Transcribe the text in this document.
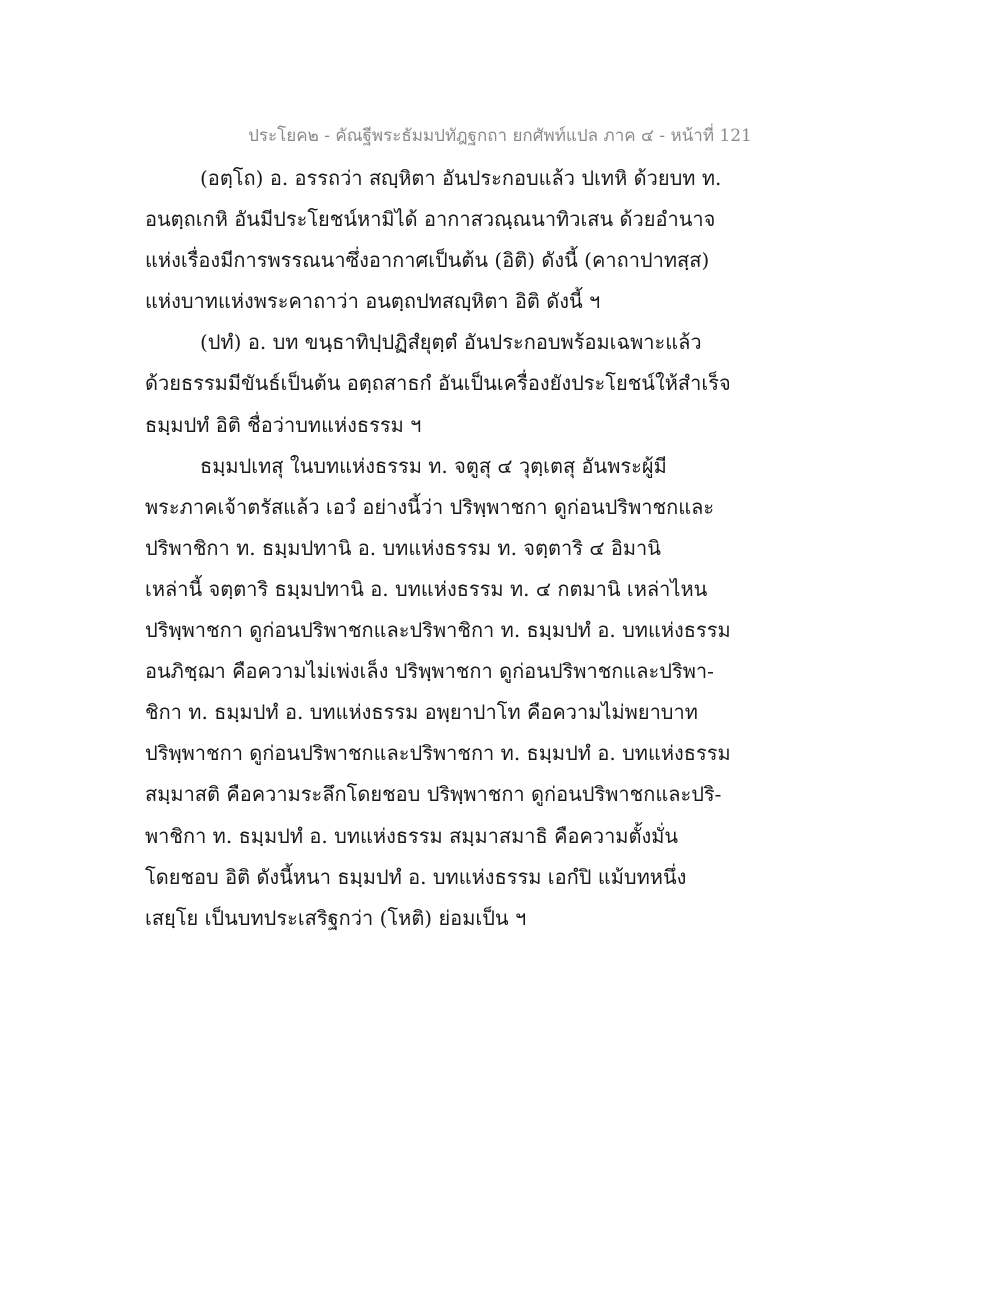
ประโยค๒ - คัณฐีพระธัมมปทัฎฐกถา ยกศัพท์แปล ภาค ๔ - หน้าที่ 121
(อตฺโถ) อ. อรรถว่า สญฺหิตา อันประกอบแล้ว ปเทหิ ด้วยบท ท.
อนตฺถเกหิ อันมีประโยชน์หามิได้ อากาสวณฺณนาทิวเสน ด้วยอำนาจ
แห่งเรื่องมีการพรรณนาซึ่งอากาศเป็นต้น (อิติ) ดังนี้ (คาถาปาทสฺส)
แห่งบาทแห่งพระคาถาว่า อนตฺถปทสญฺหิตา อิติ ดังนี้ ฯ
(ปทํ) อ. บท ขนฺธาทิปฺปฏิสํยุตฺตํ อันประกอบพร้อมเฉพาะแล้ว
ด้วยธรรมมีขันธ์เป็นต้น อตฺถสาธกํ อันเป็นเครื่องยังประโยชน์ให้สำเร็จ
ธมฺมปทํ อิติ ชื่อว่าบทแห่งธรรม ฯ
ธมฺมปเทสุ ในบทแห่งธรรม ท. จตูสุ ๔ วุตฺเตสุ อันพระผู้มี
พระภาคเจ้าตรัสแล้ว เอวํ อย่างนี้ว่า ปริพฺพาชกา ดูก่อนปริพาชกและ
ปริพาชิกา ท. ธมฺมปทานิ อ. บทแห่งธรรม ท. จตฺตาริ ๔ อิมานิ
เหล่านี้ จตฺตาริ ธมฺมปทานิ อ. บทแห่งธรรม ท. ๔ กตมานิ เหล่าไหน
ปริพฺพาชกา ดูก่อนปริพาชกและปริพาชิกา ท. ธมฺมปทํ อ. บทแห่งธรรม
อนภิชฺฌา คือความไม่เพ่งเล็ง ปริพฺพาชกา ดูก่อนปริพาชกและปริพา-
ชิกา ท. ธมฺมปทํ อ. บทแห่งธรรม อพฺยาปาโท คือความไม่พยาบาท
ปริพฺพาชกา ดูก่อนปริพาชกและปริพาชกา ท. ธมฺมปทํ อ. บทแห่งธรรม
สมฺมาสติ คือความระลึกโดยชอบ ปริพฺพาชกา ดูก่อนปริพาชกและปริ-
พาชิกา ท. ธมฺมปทํ อ. บทแห่งธรรม สมฺมาสมาธิ คือความตั้งมั่น
โดยชอบ อิติ ดังนี้หนา ธมฺมปทํ อ. บทแห่งธรรม เอกํปิ แม้บทหนึ่ง
เสยฺโย เป็นบทประเสริฐกว่า (โหติ) ย่อมเป็น ฯ
